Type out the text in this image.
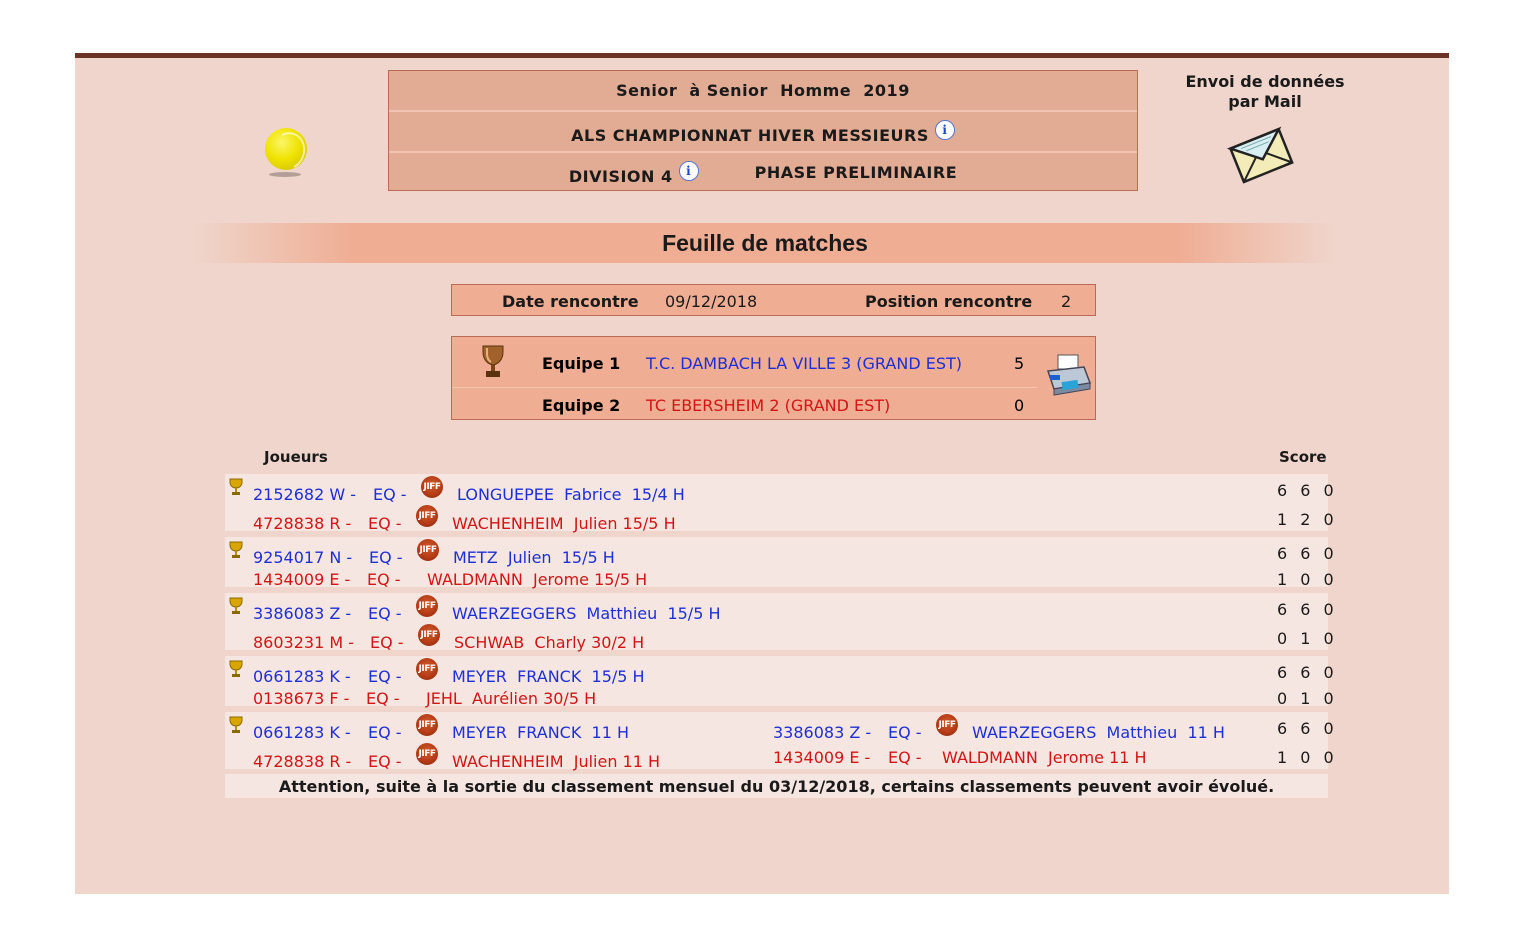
Senior  à Senior  Homme  2019
ALS CHAMPIONNAT HIVER MESSIEURS	i
DIVISION 4	i	PHASE PRELIMINAIRE
Envoi de données
par Mail
Feuille de matches
Date rencontre 09/12/2018	Position rencontre 2
Equipe 1 T.C. DAMBACH LA VILLE 3 (GRAND EST)	5
Equipe 2 TC EBERSHEIM 2 (GRAND EST)	0
Joueurs	Score
2152682 W - EQ - JIFF LONGUEPEE  Fabrice  15/4 H	6 6 0
4728838 R - EQ - JIFF WACHENHEIM  Julien 15/5 H	1 2 0
9254017 N - EQ - JIFF METZ  Julien  15/5 H	6 6 0
1434009 E - EQ - WALDMANN  Jerome 15/5 H	1 0 0
3386083 Z - EQ - JIFF WAERZEGGERS  Matthieu  15/5 H	6 6 0
8603231 M - EQ - JIFF SCHWAB  Charly 30/2 H	0 1 0
0661283 K - EQ - JIFF MEYER  FRANCK  15/5 H	6 6 0
0138673 F - EQ - JEHL  Aurélien 30/5 H	0 1 0
0661283 K - EQ - JIFF MEYER  FRANCK  11 H	3386083 Z - EQ - JIFF WAERZEGGERS  Matthieu  11 H	6 6 0
4728838 R - EQ - JIFF WACHENHEIM  Julien 11 H	1434009 E - EQ - WALDMANN  Jerome 11 H	1 0 0
Attention, suite à la sortie du classement mensuel du 03/12/2018, certains classements peuvent avoir évolué.
